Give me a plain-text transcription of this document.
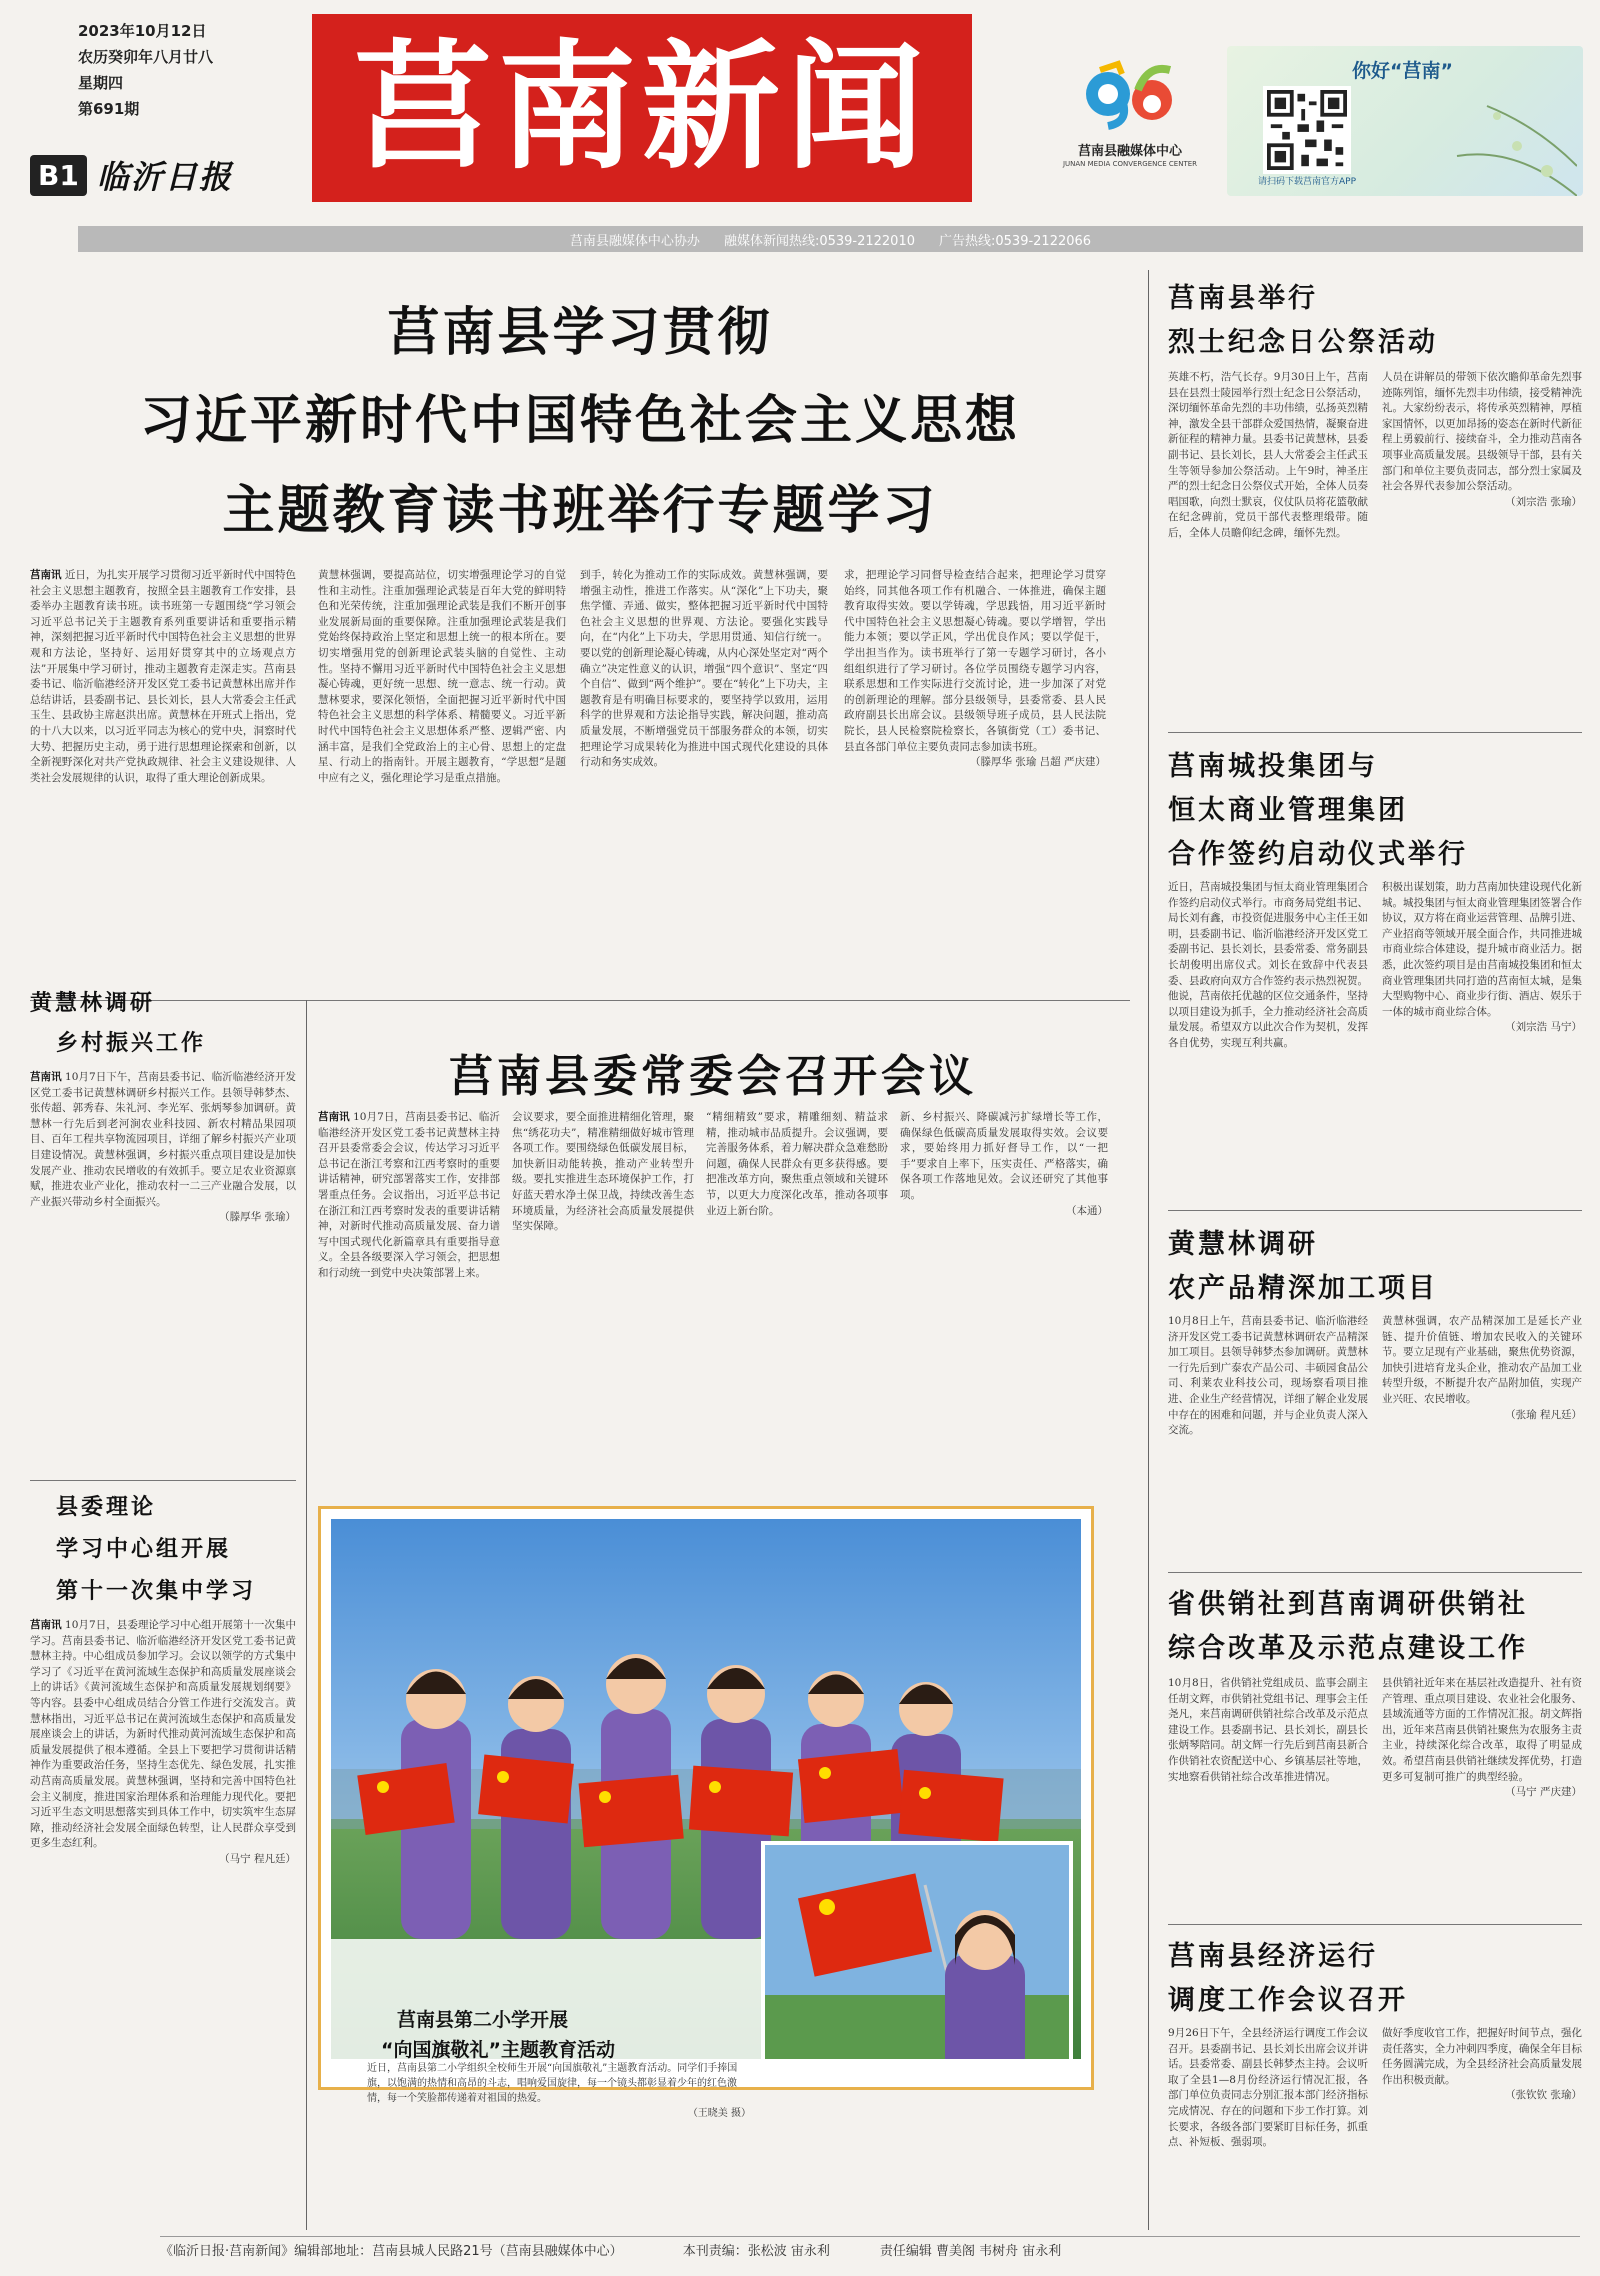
2023年10月12日
农历癸卯年八月廿八
星期四
第691期
B1 临沂日报 莒南新闻	莒南县融媒体中心
JUNAN MEDIA CONVERGENCE CENTER
你好“莒南”
请扫码下载莒南官方APP
莒南县融媒体中心协办 融媒体新闻热线:0539-2122010 广告热线:0539-2122066
莒南县学习贯彻
习近平新时代中国特色社会主义思想
主题教育读书班举行专题学习
莒南讯 近日，为扎实开展学习贯彻习近平新时代中国特色社会主义思想主题教育，按照全县主题教育工作安排，县委举办主题教育读书班。读书班第一专题围绕“学习领会习近平总书记关于主题教育系列重要讲话和重要指示精神，深刻把握习近平新时代中国特色社会主义思想的世界观和方法论，坚持好、运用好贯穿其中的立场观点方法”开展集中学习研讨，推动主题教育走深走实。莒南县委书记、临沂临港经济开发区党工委书记黄慧林出席并作总结讲话，县委副书记、县长刘长，县人大常委会主任武玉生、县政协主席赵洪出席。黄慧林在开班式上指出，党的十八大以来，以习近平同志为核心的党中央，洞察时代大势、把握历史主动，勇于进行思想理论探索和创新，以全新视野深化对共产党执政规律、社会主义建设规律、人类社会发展规律的认识，取得了重大理论创新成果。
黄慧林强调，要提高站位，切实增强理论学习的自觉性和主动性。注重加强理论武装是百年大党的鲜明特色和光荣传统，注重加强理论武装是我们不断开创事业发展新局面的重要保障。注重加强理论武装是我们党始终保持政治上坚定和思想上统一的根本所在。要切实增强用党的创新理论武装头脑的自觉性、主动性。坚持不懈用习近平新时代中国特色社会主义思想凝心铸魂，更好统一思想、统一意志、统一行动。黄慧林要求，要深化领悟，全面把握习近平新时代中国特色社会主义思想的科学体系、精髓要义。习近平新时代中国特色社会主义思想体系严整、逻辑严密、内涵丰富，是我们全党政治上的主心骨、思想上的定盘星、行动上的指南针。开展主题教育，“学思想”是题中应有之义，强化理论学习是重点措施。
到手，转化为推动工作的实际成效。黄慧林强调，要增强主动性，推进工作落实。从“深化”上下功夫，聚焦学懂、弄通、做实，整体把握习近平新时代中国特色社会主义思想的世界观、方法论。要强化实践导向，在“内化”上下功夫，学思用贯通、知信行统一。要以党的创新理论凝心铸魂，从内心深处坚定对“两个确立”决定性意义的认识，增强“四个意识”、坚定“四个自信”、做到“两个维护”。要在“转化”上下功夫，主题教育是有明确目标要求的，要坚持学以致用，运用科学的世界观和方法论指导实践，解决问题，推动高质量发展，不断增强党员干部服务群众的本领，切实把理论学习成果转化为推进中国式现代化建设的具体行动和务实成效。
求，把理论学习同督导检查结合起来，把理论学习贯穿始终，同其他各项工作有机融合、一体推进，确保主题教育取得实效。要以学铸魂，学思践悟，用习近平新时代中国特色社会主义思想凝心铸魂。要以学增智，学出能力本领；要以学正风，学出优良作风；要以学促干，学出担当作为。读书班举行了第一专题学习研讨，各小组组织进行了学习研讨。各位学员围绕专题学习内容，联系思想和工作实际进行交流讨论，进一步加深了对党的创新理论的理解。部分县级领导，县委常委、县人民政府副县长出席会议。县级领导班子成员，县人民法院院长，县人民检察院检察长，各镇街党（工）委书记、县直各部门单位主要负责同志参加读书班。
（滕厚华 张瑜 吕超 严庆建）
莒南县举行
烈士纪念日公祭活动
英雄不朽，浩气长存。9月30日上午，莒南县在县烈士陵园举行烈士纪念日公祭活动，深切缅怀革命先烈的丰功伟绩，弘扬英烈精神，激发全县干部群众爱国热情，凝聚奋进新征程的精神力量。县委书记黄慧林，县委副书记、县长刘长，县人大常委会主任武玉生等领导参加公祭活动。上午9时，神圣庄严的烈士纪念日公祭仪式开始，全体人员奏唱国歌，向烈士默哀，仪仗队员将花篮敬献在纪念碑前，党员干部代表整理缎带。随后，全体人员瞻仰纪念碑，缅怀先烈。
人员在讲解员的带领下依次瞻仰革命先烈事迹陈列馆，缅怀先烈丰功伟绩，接受精神洗礼。大家纷纷表示，将传承英烈精神，厚植家国情怀，以更加昂扬的姿态在新时代新征程上勇毅前行、接续奋斗，全力推动莒南各项事业高质量发展。县级领导干部，县有关部门和单位主要负责同志，部分烈士家属及社会各界代表参加公祭活动。
（刘宗浩 张瑜）
莒南城投集团与
恒太商业管理集团
合作签约启动仪式举行
近日，莒南城投集团与恒太商业管理集团合作签约启动仪式举行。市商务局党组书记、局长刘有鑫，市投资促进服务中心主任王如明，县委副书记、临沂临港经济开发区党工委副书记、县长刘长，县委常委、常务副县长胡俊明出席仪式。刘长在致辞中代表县委、县政府向双方合作签约表示热烈祝贺。他说，莒南依托优越的区位交通条件，坚持以项目建设为抓手，全力推动经济社会高质量发展。希望双方以此次合作为契机，发挥各自优势，实现互利共赢。
积极出谋划策，助力莒南加快建设现代化新城。城投集团与恒太商业管理集团签署合作协议，双方将在商业运营管理、品牌引进、产业招商等领域开展全面合作，共同推进城市商业综合体建设，提升城市商业活力。据悉，此次签约项目是由莒南城投集团和恒太商业管理集团共同打造的莒南恒太城，是集大型购物中心、商业步行街、酒店、娱乐于一体的城市商业综合体。
（刘宗浩 马宁）
黄慧林调研
农产品精深加工项目
10月8日上午，莒南县委书记、临沂临港经济开发区党工委书记黄慧林调研农产品精深加工项目。县领导韩梦杰参加调研。黄慧林一行先后到广泰农产品公司、丰硕园食品公司、利莱农业科技公司，现场察看项目推进、企业生产经营情况，详细了解企业发展中存在的困难和问题，并与企业负责人深入交流。
黄慧林强调，农产品精深加工是延长产业链、提升价值链、增加农民收入的关键环节。要立足现有产业基础，聚焦优势资源，加快引进培育龙头企业，推动农产品加工业转型升级，不断提升农产品附加值，实现产业兴旺、农民增收。
（张瑜 程凡廷）
省供销社到莒南调研供销社
综合改革及示范点建设工作
10月8日，省供销社党组成员、监事会副主任胡文辉，市供销社党组书记、理事会主任尧凡，来莒南调研供销社综合改革及示范点建设工作。县委副书记、县长刘长，副县长张炳琴陪同。胡文辉一行先后到莒南县新合作供销社农资配送中心、乡镇基层社等地，实地察看供销社综合改革推进情况。
县供销社近年来在基层社改造提升、社有资产管理、重点项目建设、农业社会化服务、县域流通等方面的工作情况汇报。胡文辉指出，近年来莒南县供销社聚焦为农服务主责主业，持续深化综合改革，取得了明显成效。希望莒南县供销社继续发挥优势，打造更多可复制可推广的典型经验。
（马宁 严庆建）
莒南县经济运行
调度工作会议召开
9月26日下午，全县经济运行调度工作会议召开。县委副书记、县长刘长出席会议并讲话。县委常委、副县长韩梦杰主持。会议听取了全县1—8月份经济运行情况汇报，各部门单位负责同志分别汇报本部门经济指标完成情况、存在的问题和下步工作打算。刘长要求，各级各部门要紧盯目标任务，抓重点、补短板、强弱项。
做好季度收官工作，把握好时间节点，强化责任落实，全力冲刺四季度，确保全年目标任务圆满完成，为全县经济社会高质量发展作出积极贡献。
（张钦钦 张瑜）
黄慧林调研
乡村振兴工作
莒南讯 10月7日下午，莒南县委书记、临沂临港经济开发区党工委书记黄慧林调研乡村振兴工作。县领导韩梦杰、张传超、郭秀春、朱礼河、李光军、张炳琴参加调研。黄慧林一行先后到老河涧农业科技园、新农村精品果园项目、百年工程共享物流园项目，详细了解乡村振兴产业项目建设情况。黄慧林强调，乡村振兴重点项目建设是加快发展产业、推动农民增收的有效抓手。要立足农业资源禀赋，推进农业产业化，推动农村一二三产业融合发展，以产业振兴带动乡村全面振兴。
（滕厚华 张瑜）
莒南县委常委会召开会议
莒南讯 10月7日，莒南县委书记、临沂临港经济开发区党工委书记黄慧林主持召开县委常委会会议，传达学习习近平总书记在浙江考察和江西考察时的重要讲话精神，研究部署落实工作，安排部署重点任务。会议指出，习近平总书记在浙江和江西考察时发表的重要讲话精神，对新时代推动高质量发展、奋力谱写中国式现代化新篇章具有重要指导意义。全县各级要深入学习领会，把思想和行动统一到党中央决策部署上来。
会议要求，要全面推进精细化管理，聚焦“绣花功夫”，精准精细做好城市管理各项工作。要围绕绿色低碳发展目标，加快新旧动能转换，推动产业转型升级。要扎实推进生态环境保护工作，打好蓝天碧水净土保卫战，持续改善生态环境质量，为经济社会高质量发展提供坚实保障。
“精细精致”要求，精雕细刻、精益求精，推动城市品质提升。会议强调，要完善服务体系，着力解决群众急难愁盼问题，确保人民群众有更多获得感。要把准改革方向，聚焦重点领域和关键环节，以更大力度深化改革，推动各项事业迈上新台阶。
新、乡村振兴、降碳减污扩绿增长等工作，确保绿色低碳高质量发展取得实效。会议要求，要始终用力抓好督导工作，以“一把手”要求自上率下，压实责任、严格落实，确保各项工作落地见效。会议还研究了其他事项。
（本通）
县委理论
学习中心组开展
第十一次集中学习
莒南讯 10月7日，县委理论学习中心组开展第十一次集中学习。莒南县委书记、临沂临港经济开发区党工委书记黄慧林主持。中心组成员参加学习。会议以领学的方式集中学习了《习近平在黄河流域生态保护和高质量发展座谈会上的讲话》《黄河流域生态保护和高质量发展规划纲要》等内容。县委中心组成员结合分管工作进行交流发言。黄慧林指出，习近平总书记在黄河流域生态保护和高质量发展座谈会上的讲话，为新时代推动黄河流域生态保护和高质量发展提供了根本遵循。全县上下要把学习贯彻讲话精神作为重要政治任务，坚持生态优先、绿色发展，扎实推动莒南高质量发展。黄慧林强调，坚持和完善中国特色社会主义制度，推进国家治理体系和治理能力现代化。要把习近平生态文明思想落实到具体工作中，切实筑牢生态屏障，推动经济社会发展全面绿色转型，让人民群众享受到更多生态红利。
（马宁 程凡廷）
莒南县第二小学开展
“向国旗敬礼”主题教育活动
近日，莒南县第二小学组织全校师生开展“向国旗敬礼”主题教育活动。同学们手捧国旗，以饱满的热情和高昂的斗志，唱响爱国旋律，每一个镜头都彰显着少年的红色激情，每一个笑脸都传递着对祖国的热爱。
（王晓美 摄）
《临沂日报·莒南新闻》编辑部地址：莒南县城人民路21号（莒南县融媒体中心）	本刊责编：张松波 宙永利	责任编辑 曹美阁 韦树舟 宙永利
